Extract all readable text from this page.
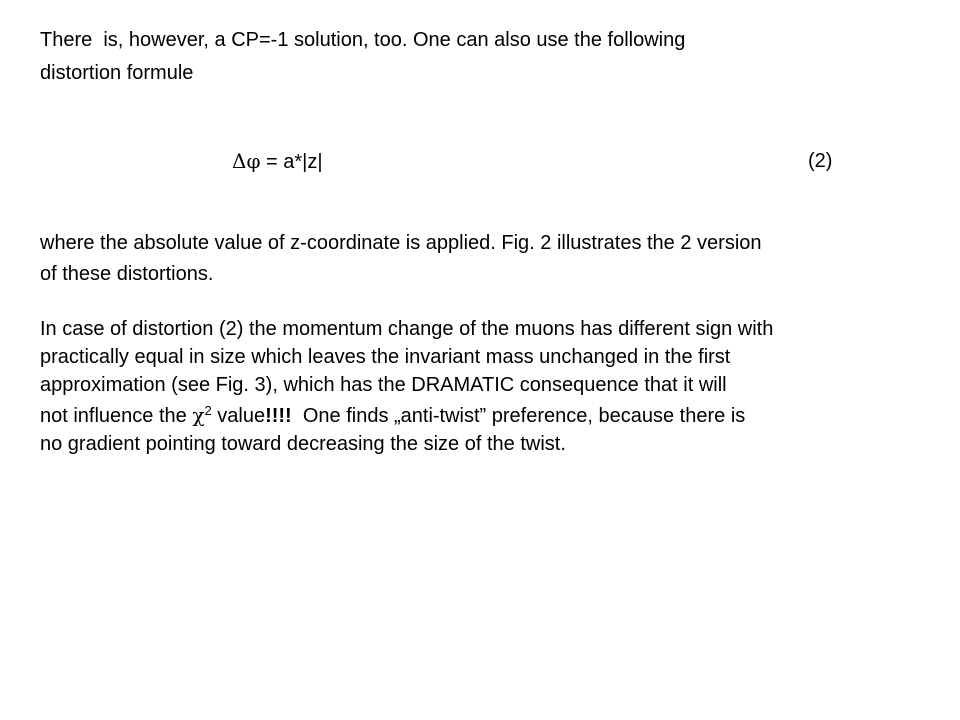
There  is, however, a CP=-1 solution, too. One can also use the following
distortion formule
Δφ = a*|z|	(2)
where the absolute value of z-coordinate is applied. Fig. 2 illustrates the 2 version
of these distortions.
In case of distortion (2) the momentum change of the muons has different sign with
practically equal in size which leaves the invariant mass unchanged in the first
approximation (see Fig. 3), which has the DRAMATIC consequence that it will
not influence the $\chi^2$ value!!!!  One finds „anti-twist” preference, because there is
no gradient pointing toward decreasing the size of the twist.
